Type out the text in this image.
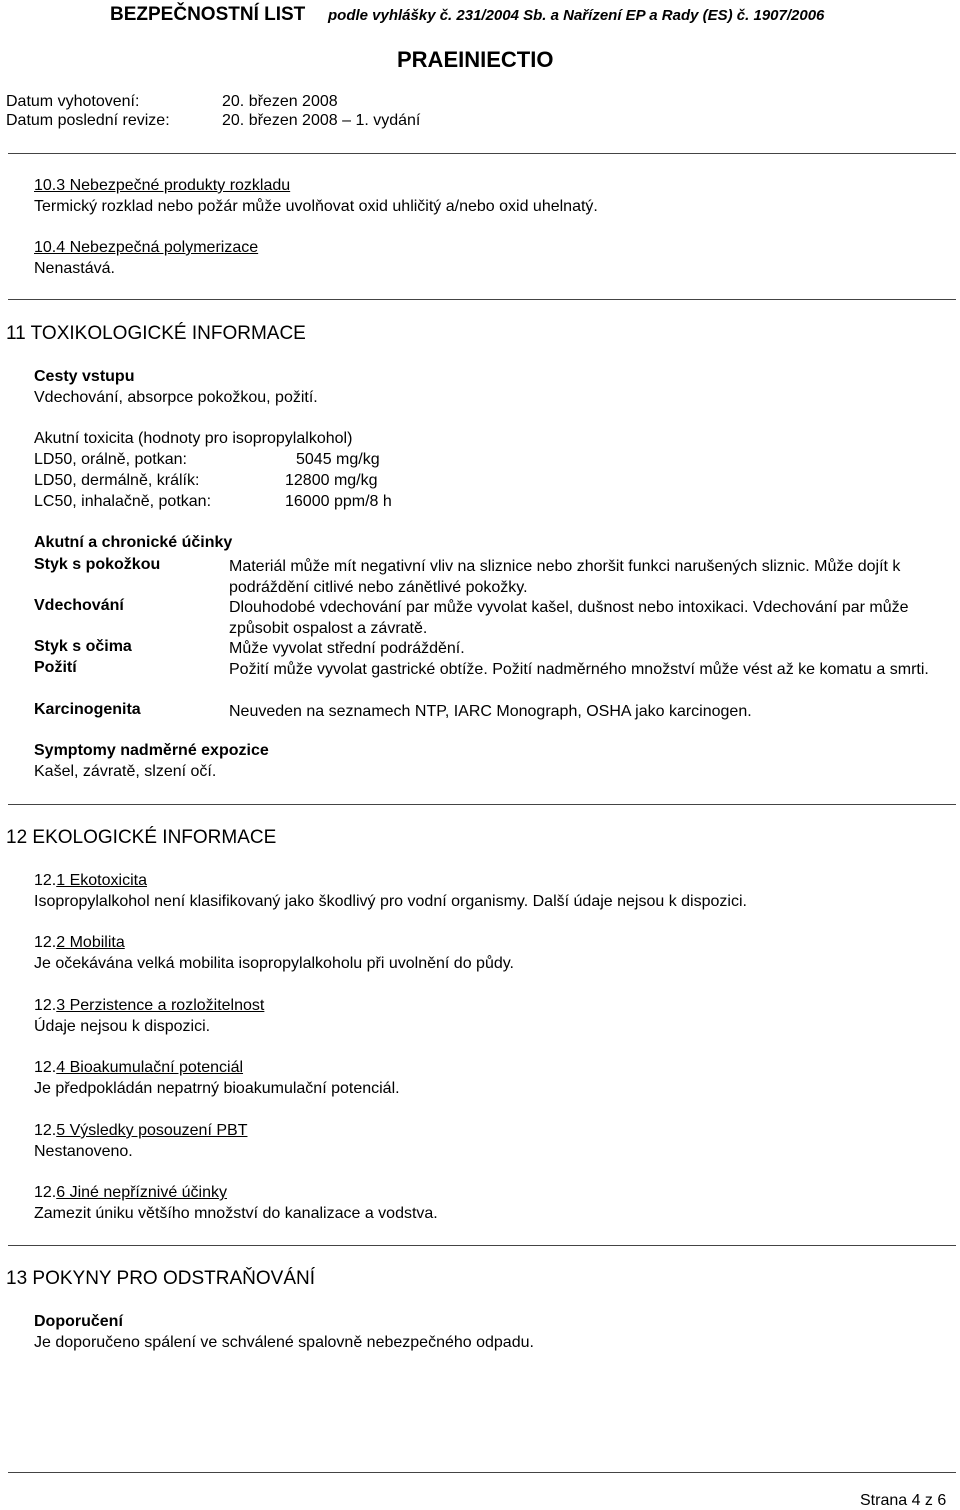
BEZPEČNOSTNÍ LIST podle vyhlášky č. 231/2004 Sb. a Nařízení EP a Rady (ES) č. 1907/2006
PRAEINIECTIO
Datum vyhotovení:	20. březen 2008
Datum poslední revize:	20. březen 2008 – 1. vydání
10.3 Nebezpečné produkty rozkladu
Termický rozklad nebo požár může uvolňovat oxid uhličitý a/nebo oxid uhelnatý.
10.4 Nebezpečná polymerizace
Nenastává.
11 TOXIKOLOGICKÉ INFORMACE
Cesty vstupu
Vdechování, absorpce pokožkou, požití.
Akutní toxicita (hodnoty pro isopropylalkohol)
LD50, orálně, potkan:	5045 mg/kg
LD50, dermálně, králík:	12800 mg/kg
LC50, inhalačně, potkan:	16000 ppm/8 h
Akutní a chronické účinky
Styk s pokožkou	Materiál může mít negativní vliv na sliznice nebo zhoršit funkci narušených sliznic. Může dojít k podráždění citlivé nebo zánětlivé pokožky.
Vdechování	Dlouhodobé vdechování par může vyvolat kašel, dušnost nebo intoxikaci. Vdechování par může způsobit ospalost a závratě.
Styk s očima	Může vyvolat střední podráždění.
Požití	Požití může vyvolat gastrické obtíže. Požití nadměrného množství může vést až ke komatu a smrti.
Karcinogenita	Neuveden na seznamech NTP, IARC Monograph, OSHA jako karcinogen.
Symptomy nadměrné expozice
Kašel, závratě, slzení očí.
12 EKOLOGICKÉ INFORMACE
12.1 Ekotoxicita
Isopropylalkohol není klasifikovaný jako škodlivý pro vodní organismy. Další údaje nejsou k dispozici.
12.2 Mobilita
Je očekávána velká mobilita isopropylalkoholu při uvolnění do půdy.
12.3 Perzistence a rozložitelnost
Údaje nejsou k dispozici.
12.4 Bioakumulační potenciál
Je předpokládán nepatrný bioakumulační potenciál.
12.5 Výsledky posouzení PBT
Nestanoveno.
12.6 Jiné nepříznivé účinky
Zamezit úniku většího množství do kanalizace a vodstva.
13 POKYNY PRO ODSTRAŇOVÁNÍ
Doporučení
Je doporučeno spálení ve schválené spalovně nebezpečného odpadu.
Strana 4 z 6
